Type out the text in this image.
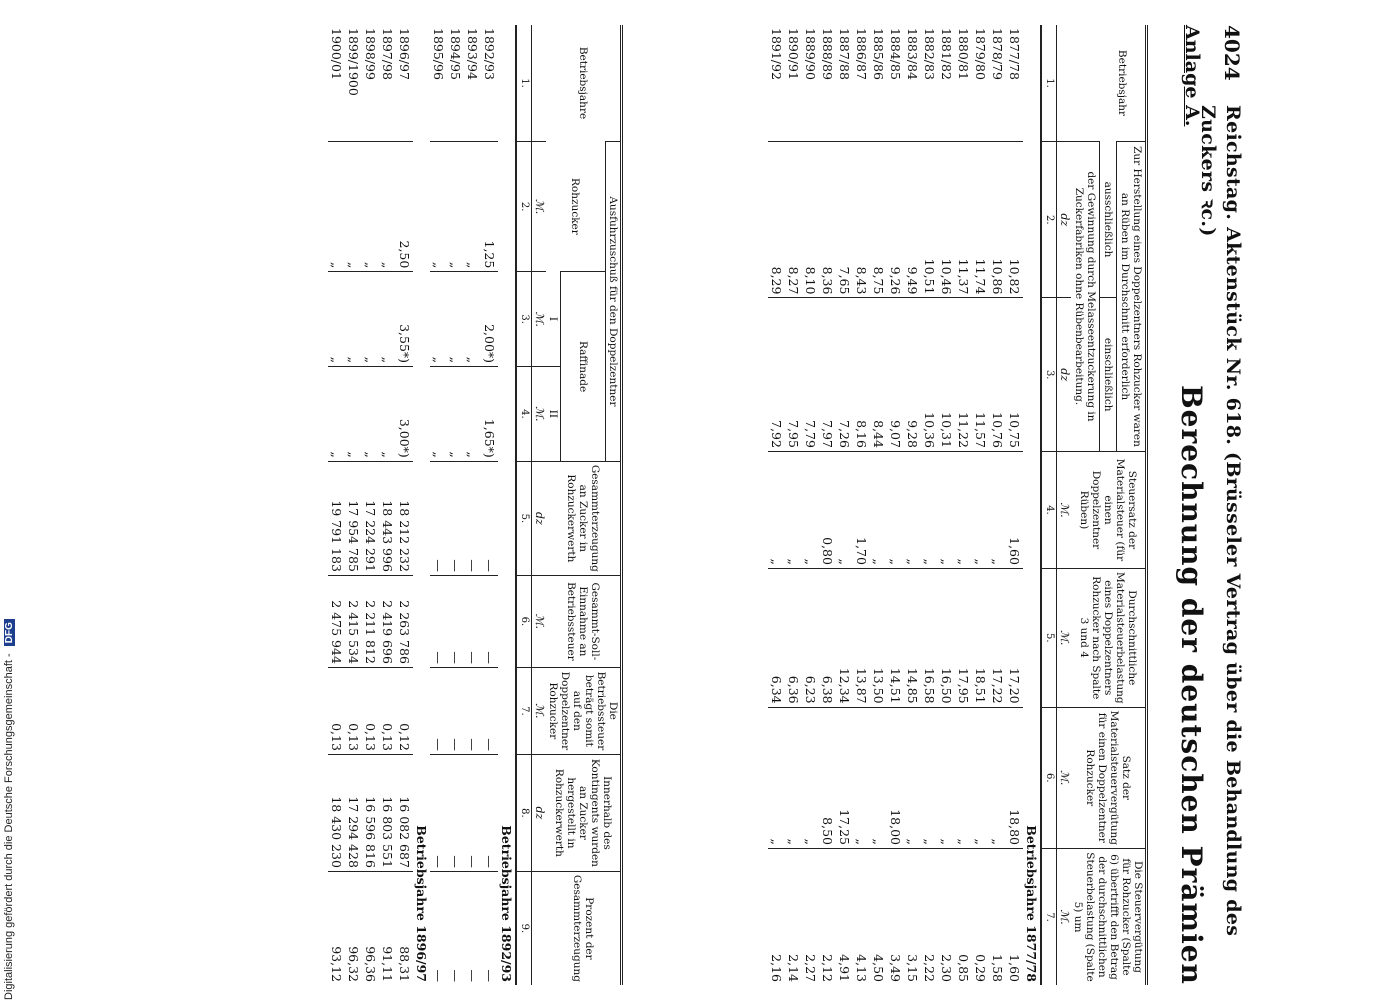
4024
Reichstag. Aktenstück Nr. 618. (Brüsseler Vertrag über die Behandlung des Zuckers ꝛc.)
Anlage A.
Berechnung der deutschen Prämien
Betriebsjahr	Zur Herstellung eines Doppelzentners Rohzucker waren an Rüben im Durchschnitt erforderlich		Steuersatz der Materialsteuer (für einen Doppelzentner Rüben)	Durchschnittliche Materialsteuerbelastung eines Doppelzentners Rohzucker nach Spalte 3 und 4	Satz der Materialsteuervergütung für einen Doppelzentner Rohzucker	Die Steuervergütung für Rohzucker (Spalte 6) übertrifft den Betrag der durchschnittlichen Steuerbelastung (Spalte 5) um
	ausschließlich	einschließlich				
	der Gewinnung durch Melasseentzuckerung in Zuckerfabriken ohne Rübenbearbeitung.					
	dz	dz	ℳ.	ℳ.	ℳ.	ℳ.
1.	2.	3.	4.	5.	6.	7.
Betriebsjahre 1877/78						
1877/78	10,82	10,75	1,60	17,20	18,80	1,60
1878/79	10,86	10,76	„	17,22	„	1,58
1879/80	11,74	11,57	„	18,51	„	0,29
1880/81	11,37	11,22	„	17,95	„	0,85
1881/82	10,46	10,31	„	16,50	„	2,30
1882/83	10,51	10,36	„	16,58	„	2,22
1883/84	9,49	9,28	„	14,85	„	3,15
1884/85	9,26	9,07	„	14,51	18,00	3,49
1885/86	8,75	8,44	„	13,50	„	4,50
1886/87	8,43	8,16	1,70	13,87	„	4,13
1887/88	7,65	7,26	„	12,34	17,25	4,91
1888/89	8,36	7,97	0,80	6,38	8,50	2,12
1889/90	8,10	7,79	„	6,23	„	2,27
1890/91	8,27	7,95	„	6,36	„	2,14
1891/92	8,29	7,92	„	6,34	„	2,16
Betriebsjahre	Ausfuhrzuschuß für den Doppelzentner			Gesammterzeugung an Zucker in Rohzuckerwerth	Gesammt-Soll-Einnahme an Betriebssteuer	Die Betriebssteuer beträgt somit auf den Doppelzentner Rohzucker	Innerhalb des Kontingents wurden an Zucker hergestellt in Rohzuckerwerth	Prozent der Gesammterzeugung
	Rohzucker	Raffinade						
		I	II					
	ℳ.	ℳ.	ℳ.	dz	ℳ.	ℳ.	dz	
1.	2.	3.	4.	5.	6.	7.	8.	9.
Betriebsjahre 1892/93								
1892/93	1,25	2,00*)	1,65*)	—	—	—	—	—
1893/94	„	„	„	—	—	—	—	—
1894/95	„	„	„	—	—	—	—	—
1895/96	„	„	„	—	—	—	—	—
Betriebsjahre 1896/97								
1896/97	2,50	3,55*)	3,00*)	18 212 232	2 263 786	0,12	16 082 687	88,31
1897/98	„	„	„	18 443 996	2 419 696	0,13	16 803 551	91,11
1898/99	„	„	„	17 224 291	2 211 812	0,13	16 596 816	96,36
1899/1900	„	„	„	17 954 785	2 415 534	0,13	17 294 428	96,32
1900/01	„	„	„	19 791 183	2 475 944	0,13	18 430 230	93,12
Digitalisierung gefördert durch die Deutsche Forschungsgemeinschaft - DFG
